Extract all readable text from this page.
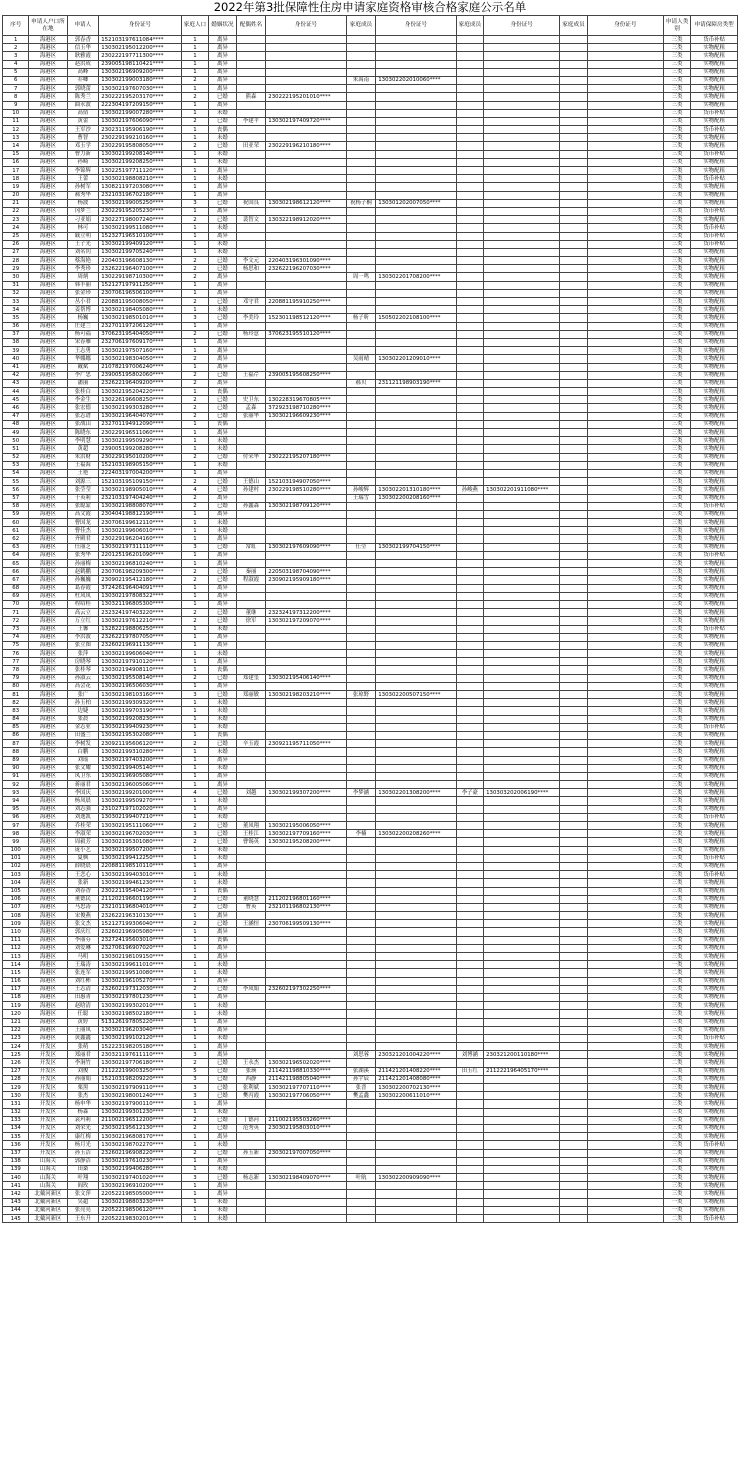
2022年第3批保障性住房申请家庭资格审核合格家庭公示名单
序号	申请人户口所在地	申请人	身份证号	家庭人口	婚姻状况	配偶姓名	身份证号	家庭成员	身份证号	家庭成员	身份证号	家庭成员	身份证号	申请人类别	申请保障房类型
1	海港区	郭春香	152103197611084****	1	离异									三类	货币补贴
2	海港区	信玉华	130302195012200****	1	离异									三类	实物配租
3	海港区	耿雅霞	230222197711300****	1	离异									三类	实物配租
4	海港区	赵洪成	239005198110421****	1	离异									三类	实物配租
5	海港区	高峰	130302196909200****	1	离异									三类	实物配租
6	海港区	乔卿	130302199003180****	2	离异			朱禹南	130302202010060****					三类	实物配租
7	海港区	郭晓蕾	130302197607030****	1	离异									三类	实物配租
8	海港区	陈秀兰	230222195203170****	2	已婚	熊森	230222195201010****							三类	实物配租
9	海港区	曲永波	222304197209150****	1	离异									三类	实物配租
10	海港区	高倩	130302199007280****	1	未婚									三类	货币补贴
11	海港区	黄蕾	130302197606090****	2	已婚	李建平	130302197409720****							三类	实物配租
12	海港区	王军沙	230231195906190****	1	丧偶									三类	货币补贴
13	海港区	曹智	230229199210160****	1	未婚									三类	实物配租
14	海港区	邓玉学	230229195808050****	2	已婚	田亚荣	230229196210180****							三类	实物配租
15	海港区	曹力新	130302199208140****	1	未婚									三类	货币补贴
16	海港区	孙崎	130302199208250****	1	未婚									三类	实物配租
17	海港区	李锦辉	130225197711120****	1	离异									三类	实物配租
18	海港区	王蕾	130302198808210****	1	未婚									三类	货币补贴
19	海港区	孙树军	130821197203080****	1	离异									三类	实物配租
20	海港区	郝秀华	232103196702180****	1	离异									三类	实物配租
21	海港区	杨波	130302199005250****	3	已婚	祝国良	130302198612120****	祝杨子桐	130301202007050****					三类	实物配租
22	海港区	冈梦兰	230229195205230****	1	离异									三类	货币补贴
23	海港区	刁亚娟	230227198007240****	2	已婚	裴智文	130322198912020****							三类	实物配租
24	海港区	林可	130302199511080****	1	未婚									三类	货币补贴
25	海港区	戚立明	152327196510100****	1	离异									三类	货币补贴
26	海港区	王子光	130302199409120****	1	未婚									三类	货币补贴
27	海港区	刘名钊	130302199705240****	1	未婚									三类	实物配租
28	海港区	蔡海艳	220403196608130****	2	已婚	李文元	220403196301090****							三类	实物配租
29	海港区	李秀珍	232622196407100****	2	已婚	杨思和	232622196207030****							三类	实物配租
30	海港区	周炳	130229198710300****	2	离异			周一鸣	130302201708200****					三类	实物配租
31	海港区	韩丰丽	152127197911250****	1	离异									三类	实物配租
32	海港区	张金珍	230706196506100****	1	离异									三类	实物配租
33	海港区	丛小君	220881195008050****	2	已婚	邓守君	220881195910250****							三类	实物配租
34	海港区	姜帮博	130302198405080****	1	未婚									三类	实物配租
35	海港区	杨巍	130302198501010****	3	已婚	李美玲	152301198512120****	杨子昕	150502202108100****					三类	实物配租
36	海港区	庄建兰	232701197206120****	1	离异									三类	实物配租
37	海港区	杨可福	370623195404050****	2	已婚	杨玲意	370623195510120****							三类	实物配租
38	海港区	宋春雁	232706197609170****	1	离异									三类	实物配租
39	海港区	王志勇	130302197507160****	1	离异									三类	实物配租
40	海港区	华娜娜	130302198304050****	2	离异			吴雨晴	130302201209010****					三类	实物配租
41	海港区	戴斌	210782197006240****	1	离异									三类	实物配租
42	海港区	李广忠	239005195802060****	2	已婚	王福芹	239005195608250****							三类	实物配租
43	海港区	潘丽	232622196409200****	2	离异			郝贝	231121198903190****					三类	实物配租
44	海港区	张桂白	130302195204220****	1	丧偶									三类	实物配租
45	海港区	李金生	130226196608250****	2	已婚	史卫东	130228319670805****							三类	实物配租
46	海港区	张宏德	130302199303280****	2	已婚	孟森	372923198710280****							三类	实物配租
47	海港区	张志谱	130302196404070****	2	已婚	张丽华	130302196609230****							三类	实物配租
48	海港区	张战山	232701194912090****	1	丧偶									三类	实物配租
49	海港区	陈晓东	230229196511060****	1	离异									三类	实物配租
50	海港区	李明慧	130302199509290****	1	未婚									三类	实物配租
51	海港区	黄超	239005199208280****	1	未婚									三类	实物配租
52	海港区	朱洪财	230229195010200****	2	已婚	付荣华	230222195207180****							三类	实物配租
53	海港区	王福海	152103198905150****	1	未婚									三类	实物配租
54	海港区	王艳	222403197004200****	1	离异									三类	实物配租
55	海港区	刘源三	152103195109150****	2	已婚	王德山	152103194907050****							三类	实物配租
56	海港区	张莹莹	130302198905010****	4	已婚	孙建村	230229198510280****	孙峻辉	130302201310180****	孙峻燕	130302201911080****			三类	实物配租
57	海港区	于英莉	232103197404240****	2	离异			王瑞雪	130302200208160****					三类	实物配租
58	海港区	张聪蒙	130302198808070****	2	已婚	孙鑫森	130302198709120****							三类	货币补贴
59	海港区	高文霞	230404198812190****	1	离异									三类	实物配租
60	海港区	曹国龙	230706199612110****	1	未婚									三类	实物配租
61	海港区	曹佳杰	130302199606010****	1	未婚									三类	实物配租
62	海港区	齐殿君	230229196204160****	1	离异									三类	实物配租
63	海港区	任丽芝	130302197311110****	3	已婚	常虹	130302197609090****	任莹	130302199704150****					三类	实物配租
64	海港区	张秀华	220125196201090****	1	离异									三类	货币补贴
65	海港区	孙丽梅	130302196810240****	1	离异									三类	实物配租
66	海港区	赵鹤鹏	230706198209300****	2	已婚	秦丽	220503198704090****							三类	实物配租
67	海港区	孙巍巍	230902195412180****	2	已婚	程淑霞	230902195909180****							三类	实物配租
68	海港区	葛春霞	372426196404091****	1	离异									三类	实物配租
69	海港区	杜凤凤	130302197808322****	1	离异									三类	实物配租
70	海港区	程绍桂	130321196805300****	1	离异									三类	实物配租
71	海港区	高云立	232324197403220****	2	已婚	董继	232324197312200****							三类	实物配租
72	海港区	万立红	130302197612210****	2	已婚	徐军	130302197209070****							三类	实物配租
73	海港区	王馨	132822198806250****	1	未婚									三类	货币补贴
74	海港区	李洪波	232622197807050****	1	离异									三类	实物配租
75	海港区	张立图	232602196911130****	1	离异									三类	实物配租
76	海港区	张萍	130302199606040****	1	未婚									三类	实物配租
77	海港区	房晓琴	130302197910120****	1	离异									三类	实物配租
78	海港区	张桂琴	130302194908110****	1	丧偶									三类	实物配租
79	海港区	孙淑云	130302195508140****	2	已婚	郑建玺	130302195406140****							三类	实物配租
80	海港区	高会花	130302196506030****	1	离异									三类	实物配租
81	海港区	张广	130302198103160****	3	已婚	郑丽敏	130302198203210****	张琼野	130302200507150****					三类	实物配租
82	海港区	孙玉柏	130302199309320****	1	未婚									三类	实物配租
83	海港区	边婕	130302199703190****	1	未婚									三类	实物配租
84	海港区	张晨	130302199208230****	1	未婚									三类	实物配租
85	海港区	金志业	130302199409230****	1	未婚									三类	货币补贴
86	海港区	田盛兰	130302195302080****	1	丧偶									三类	实物配租
87	海港区	李树发	230921195606120****	2	已婚	辛玉霞	230921195711050****							三类	实物配租
88	海港区	白鹏	130302199310280****	1	未婚									三类	实物配租
89	海港区	刘瑶	130302197403200****	1	离异									三类	实物配租
90	海港区	张文耀	130302199405140****	1	未婚									三类	实物配租
91	海港区	凤卫东	130302196905080****	1	离异									三类	实物配租
92	海港区	蒋丽君	130302196005060****	1	离异									三类	实物配租
93	海港区	李国庆	130302199201000****	4	已婚	刘越	130302199307200****	李梦涵	130302201308200****	李子豪	130303202006190****			三类	实物配租
94	海港区	杨凤晨	130302199509270****	1	未婚									三类	实物配租
95	海港区	刘志强	231027197102020****	1	离异									三类	实物配租
96	海港区	刘逸凯	130302199407210****	1	未婚									三类	货币补贴
97	海港区	乔桂荣	130302195111060****	2	已婚	董凤翔	130302195006050****							三类	实物配租
98	海港区	李淑荣	130302196702030****	3	已婚	王桂江	130302197709160****	李楠	130302200208260****					三类	实物配租
99	海港区	周毅芳	130302195301080****	2	已婚	曹锡英	130302195208200****							三类	实物配租
100	海港区	庞小艺	130302199507200****	1	未婚									三类	实物配租
101	海港区	夏枫	130302199412250****	1	未婚									三类	货币补贴
102	海港区	薛晓晨	220881198510110****	1	离异									三类	实物配租
103	海港区	王恋心	130302199403010****	1	未婚									三类	货币补贴
104	海港区	张新	130302199461230****	1	未婚									三类	实物配租
105	海港区	刘春香	230221195404120****	1	丧偶									三类	实物配租
106	海港区	董德民	211202196601190****	2	已婚	董晓慧	211202196801160****							三类	实物配租
107	海港区	马忠涛	232101196804010****	2	已婚	曹英	232101196802130****							三类	实物配租
108	海港区	宋俊燕	232622196310130****	1	离异									三类	实物配租
109	海港区	张文杰	152127199306040****	2	已婚	王涵恒	230706199509130****							三类	实物配租
110	海港区	郭庆红	232602196905080****	1	离异									三类	实物配租
111	海港区	李丽芬	232724195603010****	1	丧偶									三类	实物配租
112	海港区	刘爱琳	232706196907020****	1	离异									三类	实物配租
113	海港区	马明	130302198109150****	1	离异									三类	实物配租
114	海港区	王瑞涛	130302199611010****	1	未婚									一类	实物配租
115	海港区	张连军	130302199510080****	1	未婚									二类	实物配租
116	海港区	刘红彬	130302196105270****	1	离异									三类	实物配租
117	海港区	王志清	232602197312030****	2	已婚	李凤娟	232602197302250****							三类	实物配租
118	海港区	田惠菁	130302197801230****	1	离异									三类	实物配租
119	海港区	赵晗清	130302199302010****	1	未婚									三类	实物配租
120	海港区	任聪	130302198502180****	1	未婚									三类	实物配租
121	海港区	黄婷	513126197805220****	1	离异									三类	实物配租
122	海港区	王丽凤	130302196203040****	1	离异									三类	实物配租
123	海港区	黄鑫鑫	130302199102120****	1	未婚									三类	货币补贴
124	开发区	张萌	152223198205180****	1	离异									三类	实物配租
125	开发区	郑丽君	230321197611110****	3	离异			刘思蓉	230321201004220****	刘博涵	230321200110180****			三类	实物配租
126	开发区	李涧竹	130302197706180****	2	已婚	王永杰	130302196502020****							二类	实物配租
127	开发区	刘俊	211222199003250****	5	已婚	张瑛	211421198810330****	张湖溪	211421201408220****	田玉红	211222196405170****			二类	实物配租
128	开发区	孙丽娟	152103198209220****	3	已婚	西静	211421198805040****	孙宇辰	211421201408080****					三类	实物配租
129	开发区	栗黑	130302197909110****	3	已婚	张利斌	130302197707110****	张晋	130302200702130****					三类	实物配租
130	开发区	张杰	130302198001240****	3	已婚	樊丙霞	130302197706050****	樊孟鑫	130302200611010****					二类	实物配租
131	开发区	杨申华	130302197900110****	1	离异									三类	实物配租
132	开发区	杨森	130302199301230****	1	未婚									三类	实物配租
133	开发区	袁玛莉	211002196512200****	2	已婚	丁德河	211002195503260****							三类	实物配租
134	开发区	刘荣光	230302195612130****	2	已婚	范秀英	230302195803010****							三类	实物配租
135	开发区	康红梅	130302196808170****	1	离异									二类	实物配租
136	开发区	杨月光	130302198702270****	1	未婚									三类	货币补贴
137	开发区	孙玉洁	232602196908220****	2	已婚	孙玉新	230302197007050****							二类	实物配租
138	山海关	郭静洁	130302197610230****	1	离异									三类	实物配租
139	山海关	田桑	130302199406280****	1	未婚									二类	实物配租
140	山海关	叶翔	130302197401020****	3	已婚	杨志新	130302198409070****	叶航	130302200909090****					二类	实物配租
141	山海关	阎玫	130302196910200****	1	离异									三类	实物配租
142	北戴河新区	张文萍	220522198505000****	1	离异									三类	实物配租
143	北戴河新区	吴超	130302198803230****	1	未婚									一类	实物配租
144	北戴河新区	张亮亮	220522198506120****	1	未婚									一类	实物配租
145	北戴河新区	王东升	220522198302010****	1	未婚									二类	货币补贴
